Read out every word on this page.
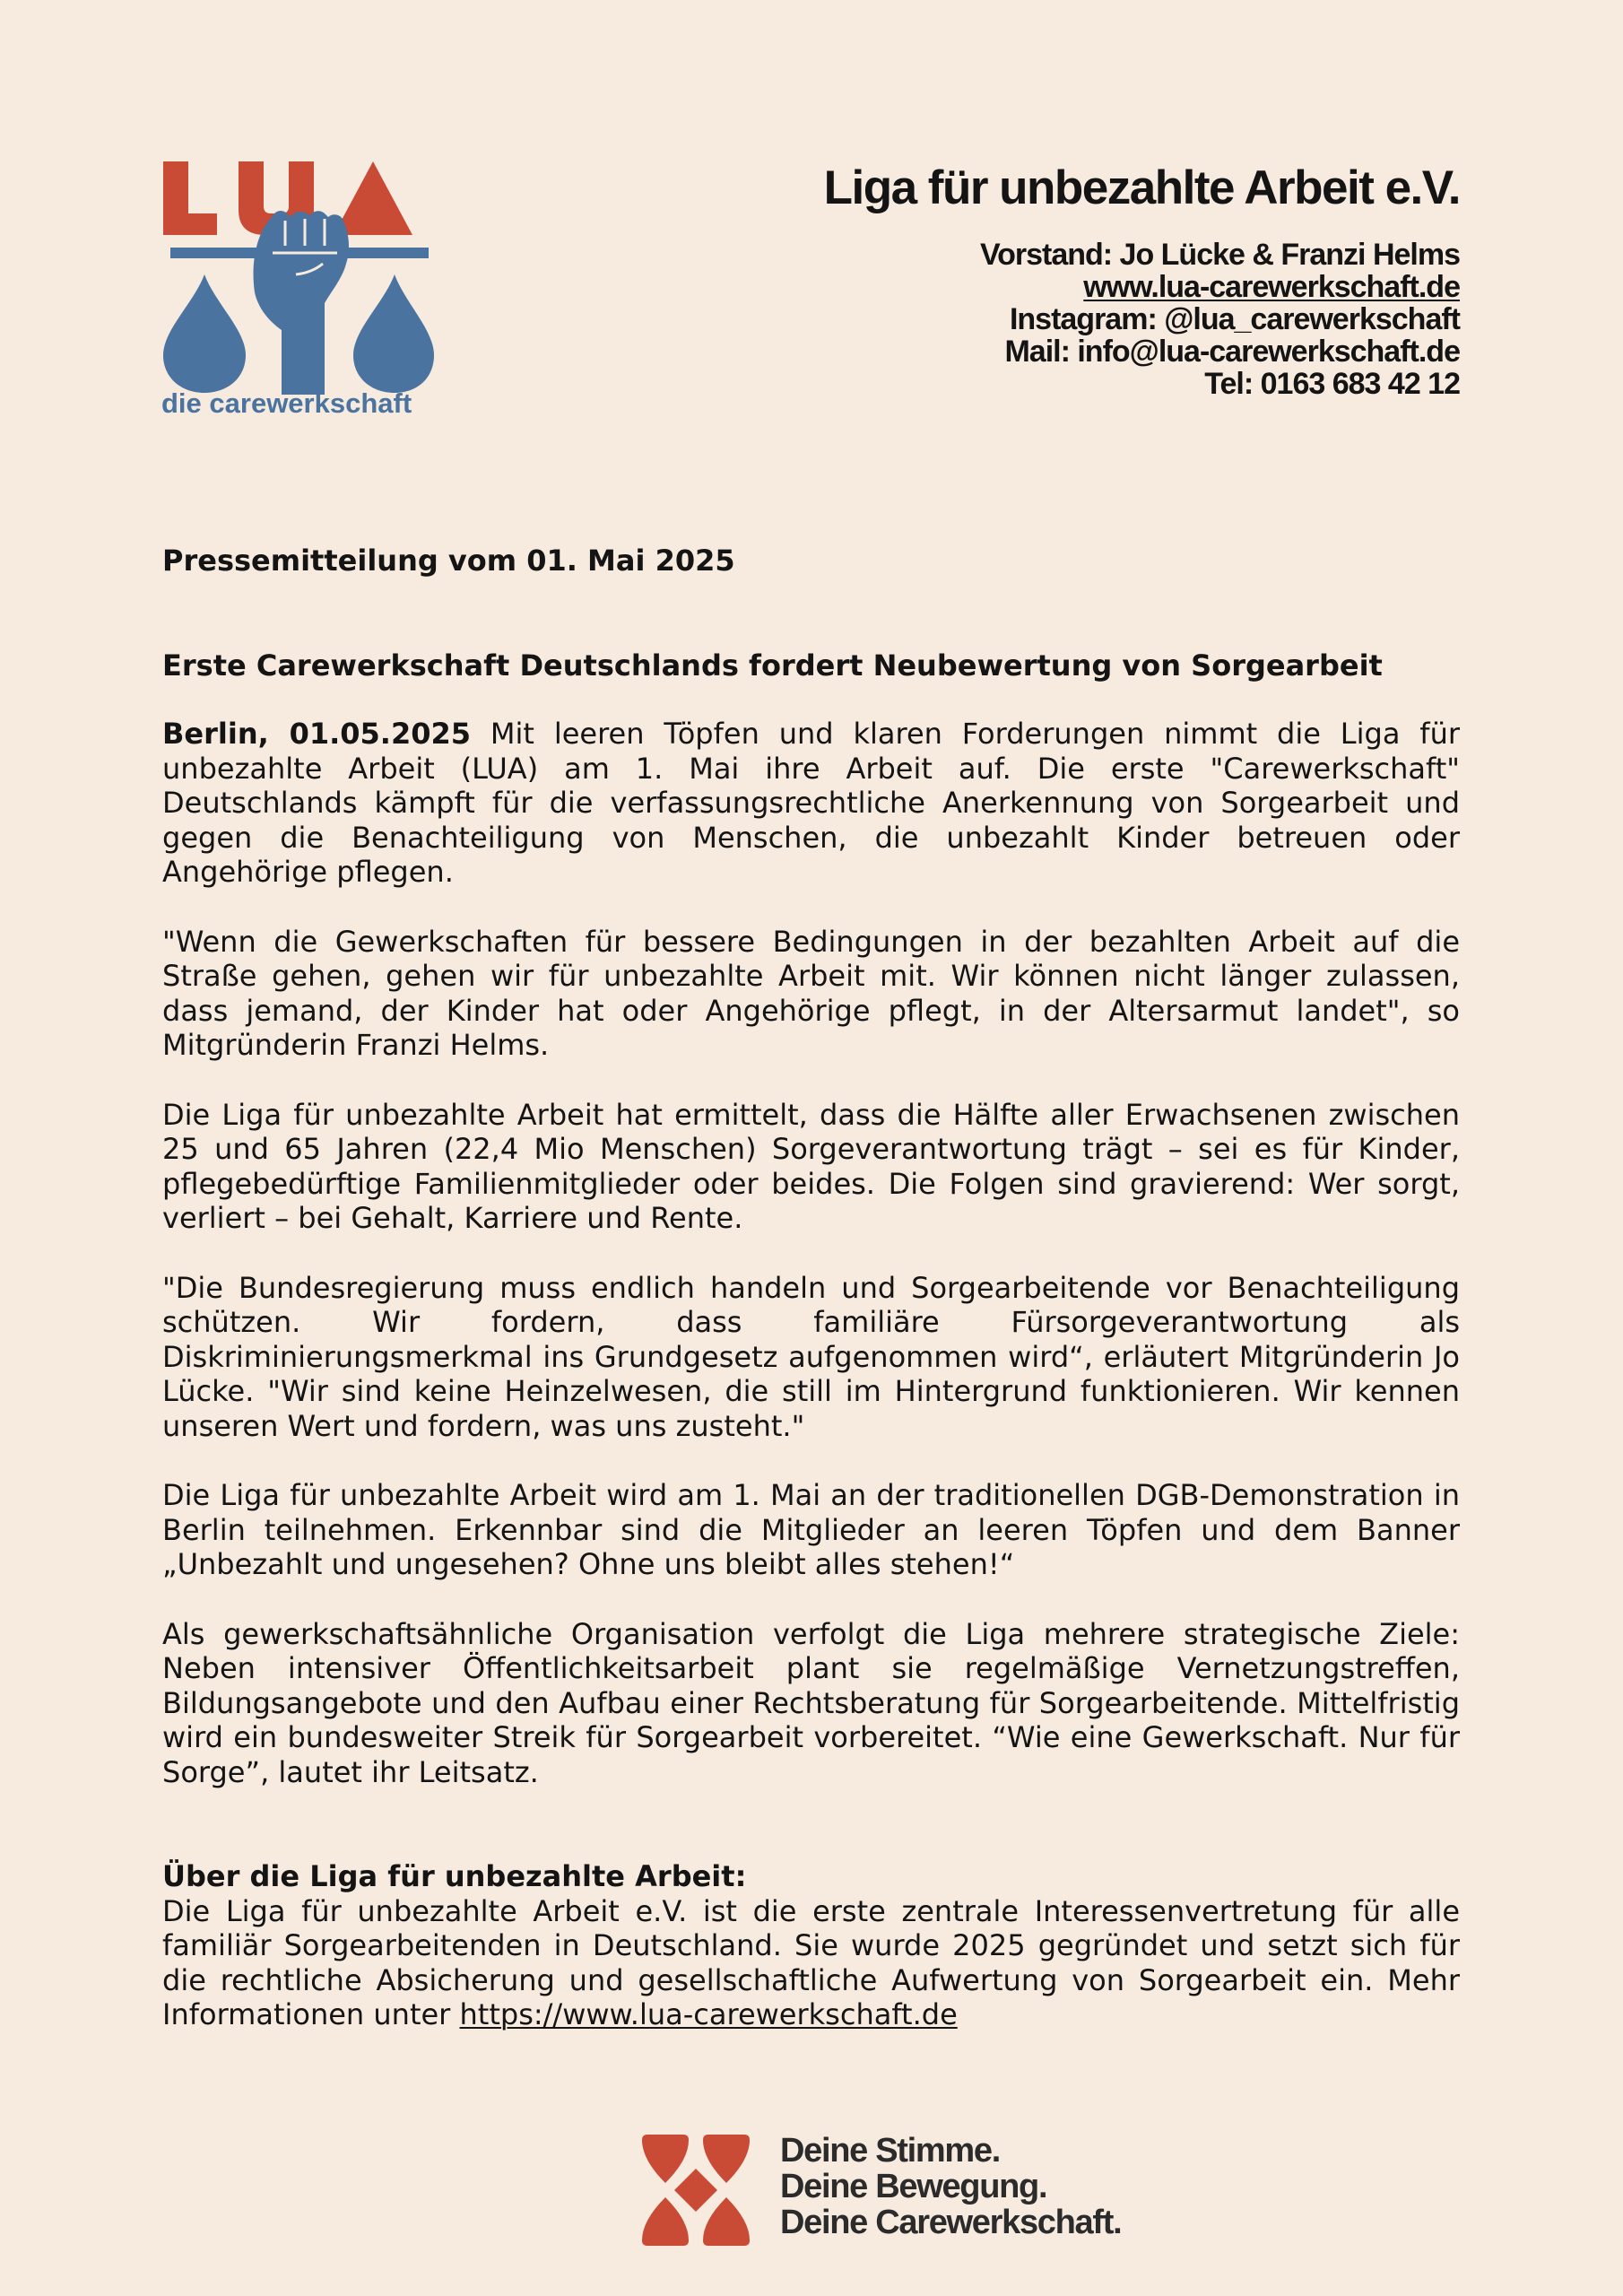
die carewerkschaft
Liga für unbezahlte Arbeit e.V.
Vorstand: Jo Lücke & Franzi Helms
www.lua-carewerkschaft.de
Instagram: @lua_carewerkschaft
Mail: info@lua-carewerkschaft.de
Tel: 0163 683 42 12

Pressemitteilung vom 01. Mai 2025

Erste Carewerkschaft Deutschlands fordert Neubewertung von Sorgearbeit

Berlin, 01.05.2025 Mit leeren Töpfen und klaren Forderungen nimmt die Liga für unbezahlte Arbeit (LUA) am 1. Mai ihre Arbeit auf. Die erste "Carewerkschaft" Deutschlands kämpft für die verfassungsrechtliche Anerkennung von Sorgearbeit und gegen die Benachteiligung von Menschen, die unbezahlt Kinder betreuen oder Angehörige pflegen.

"Wenn die Gewerkschaften für bessere Bedingungen in der bezahlten Arbeit auf die Straße gehen, gehen wir für unbezahlte Arbeit mit. Wir können nicht länger zulassen, dass jemand, der Kinder hat oder Angehörige pflegt, in der Altersarmut landet", so Mitgründerin Franzi Helms.

Die Liga für unbezahlte Arbeit hat ermittelt, dass die Hälfte aller Erwachsenen zwischen 25 und 65 Jahren (22,4 Mio Menschen) Sorgeverantwortung trägt – sei es für Kinder, pflegebedürftige Familienmitglieder oder beides. Die Folgen sind gravierend: Wer sorgt, verliert – bei Gehalt, Karriere und Rente.

"Die Bundesregierung muss endlich handeln und Sorgearbeitende vor Benachteiligung schützen. Wir fordern, dass familiäre Fürsorgeverantwortung als Diskriminierungsmerkmal ins Grundgesetz aufgenommen wird“, erläutert Mitgründerin Jo Lücke. "Wir sind keine Heinzelwesen, die still im Hintergrund funktionieren. Wir kennen unseren Wert und fordern, was uns zusteht."

Die Liga für unbezahlte Arbeit wird am 1. Mai an der traditionellen DGB-Demonstration in Berlin teilnehmen. Erkennbar sind die Mitglieder an leeren Töpfen und dem Banner „Unbezahlt und ungesehen? Ohne uns bleibt alles stehen!“

Als gewerkschaftsähnliche Organisation verfolgt die Liga mehrere strategische Ziele: Neben intensiver Öffentlichkeitsarbeit plant sie regelmäßige Vernetzungstreffen, Bildungsangebote und den Aufbau einer Rechtsberatung für Sorgearbeitende. Mittelfristig wird ein bundesweiter Streik für Sorgearbeit vorbereitet. “Wie eine Gewerkschaft. Nur für Sorge”, lautet ihr Leitsatz.

Über die Liga für unbezahlte Arbeit:

Die Liga für unbezahlte Arbeit e.V. ist die erste zentrale Interessenvertretung für alle familiär Sorgearbeitenden in Deutschland. Sie wurde 2025 gegründet und setzt sich für die rechtliche Absicherung und gesellschaftliche Aufwertung von Sorgearbeit ein. Mehr Informationen unter https://www.lua-carewerkschaft.de

Deine Stimme.
Deine Bewegung.
Deine Carewerkschaft.
